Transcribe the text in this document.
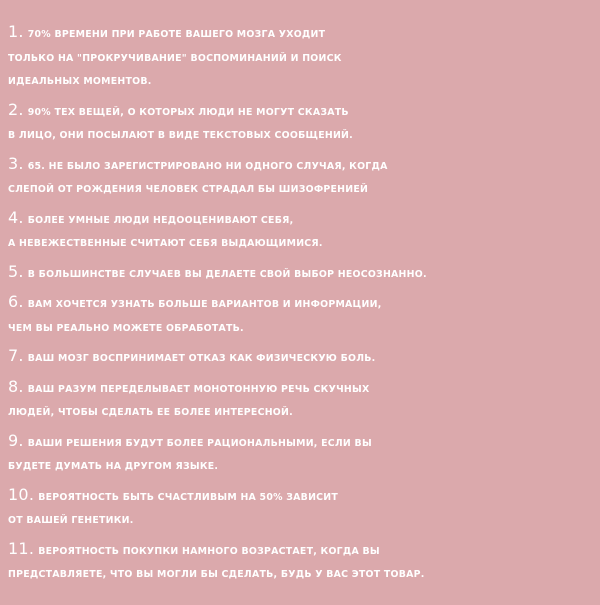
1. 70% ВРЕМЕНИ ПРИ РАБОТЕ ВАШЕГО МОЗГА УХОДИТ
ТОЛЬКО НА "ПРОКРУЧИВАНИЕ" ВОСПОМИНАНИЙ И ПОИСК
ИДЕАЛЬНЫХ МОМЕНТОВ.
2. 90% ТЕХ ВЕЩЕЙ, О КОТОРЫХ ЛЮДИ НЕ МОГУТ СКАЗАТЬ
В ЛИЦО, ОНИ ПОСЫЛАЮТ В ВИДЕ ТЕКСТОВЫХ СООБЩЕНИЙ.
3. 65. НЕ БЫЛО ЗАРЕГИСТРИРОВАНО НИ ОДНОГО СЛУЧАЯ, КОГДА
СЛЕПОЙ ОТ РОЖДЕНИЯ ЧЕЛОВЕК СТРАДАЛ БЫ ШИЗОФРЕНИЕЙ
4. БОЛЕЕ УМНЫЕ ЛЮДИ НЕДООЦЕНИВАЮТ СЕБЯ,
А НЕВЕЖЕСТВЕННЫЕ СЧИТАЮТ СЕБЯ ВЫДАЮЩИМИСЯ.
5. В БОЛЬШИНСТВЕ СЛУЧАЕВ ВЫ ДЕЛАЕТЕ СВОЙ ВЫБОР НЕОСОЗНАННО.
6. ВАМ ХОЧЕТСЯ УЗНАТЬ БОЛЬШЕ ВАРИАНТОВ И ИНФОРМАЦИИ,
ЧЕМ ВЫ РЕАЛЬНО МОЖЕТЕ ОБРАБОТАТЬ.
7. ВАШ МОЗГ ВОСПРИНИМАЕТ ОТКАЗ КАК ФИЗИЧЕСКУЮ БОЛЬ.
8. ВАШ РАЗУМ ПЕРЕДЕЛЫВАЕТ МОНОТОННУЮ РЕЧЬ СКУЧНЫХ
ЛЮДЕЙ, ЧТОБЫ СДЕЛАТЬ ЕЕ БОЛЕЕ ИНТЕРЕСНОЙ.
9. ВАШИ РЕШЕНИЯ БУДУТ БОЛЕЕ РАЦИОНАЛЬНЫМИ, ЕСЛИ ВЫ
БУДЕТЕ ДУМАТЬ НА ДРУГОМ ЯЗЫКЕ.
10. ВЕРОЯТНОСТЬ БЫТЬ СЧАСТЛИВЫМ НА 50% ЗАВИСИТ
ОТ ВАШЕЙ ГЕНЕТИКИ.
11. ВЕРОЯТНОСТЬ ПОКУПКИ НАМНОГО ВОЗРАСТАЕТ, КОГДА ВЫ
ПРЕДСТАВЛЯЕТЕ, ЧТО ВЫ МОГЛИ БЫ СДЕЛАТЬ, БУДЬ У ВАС ЭТОТ ТОВАР.
